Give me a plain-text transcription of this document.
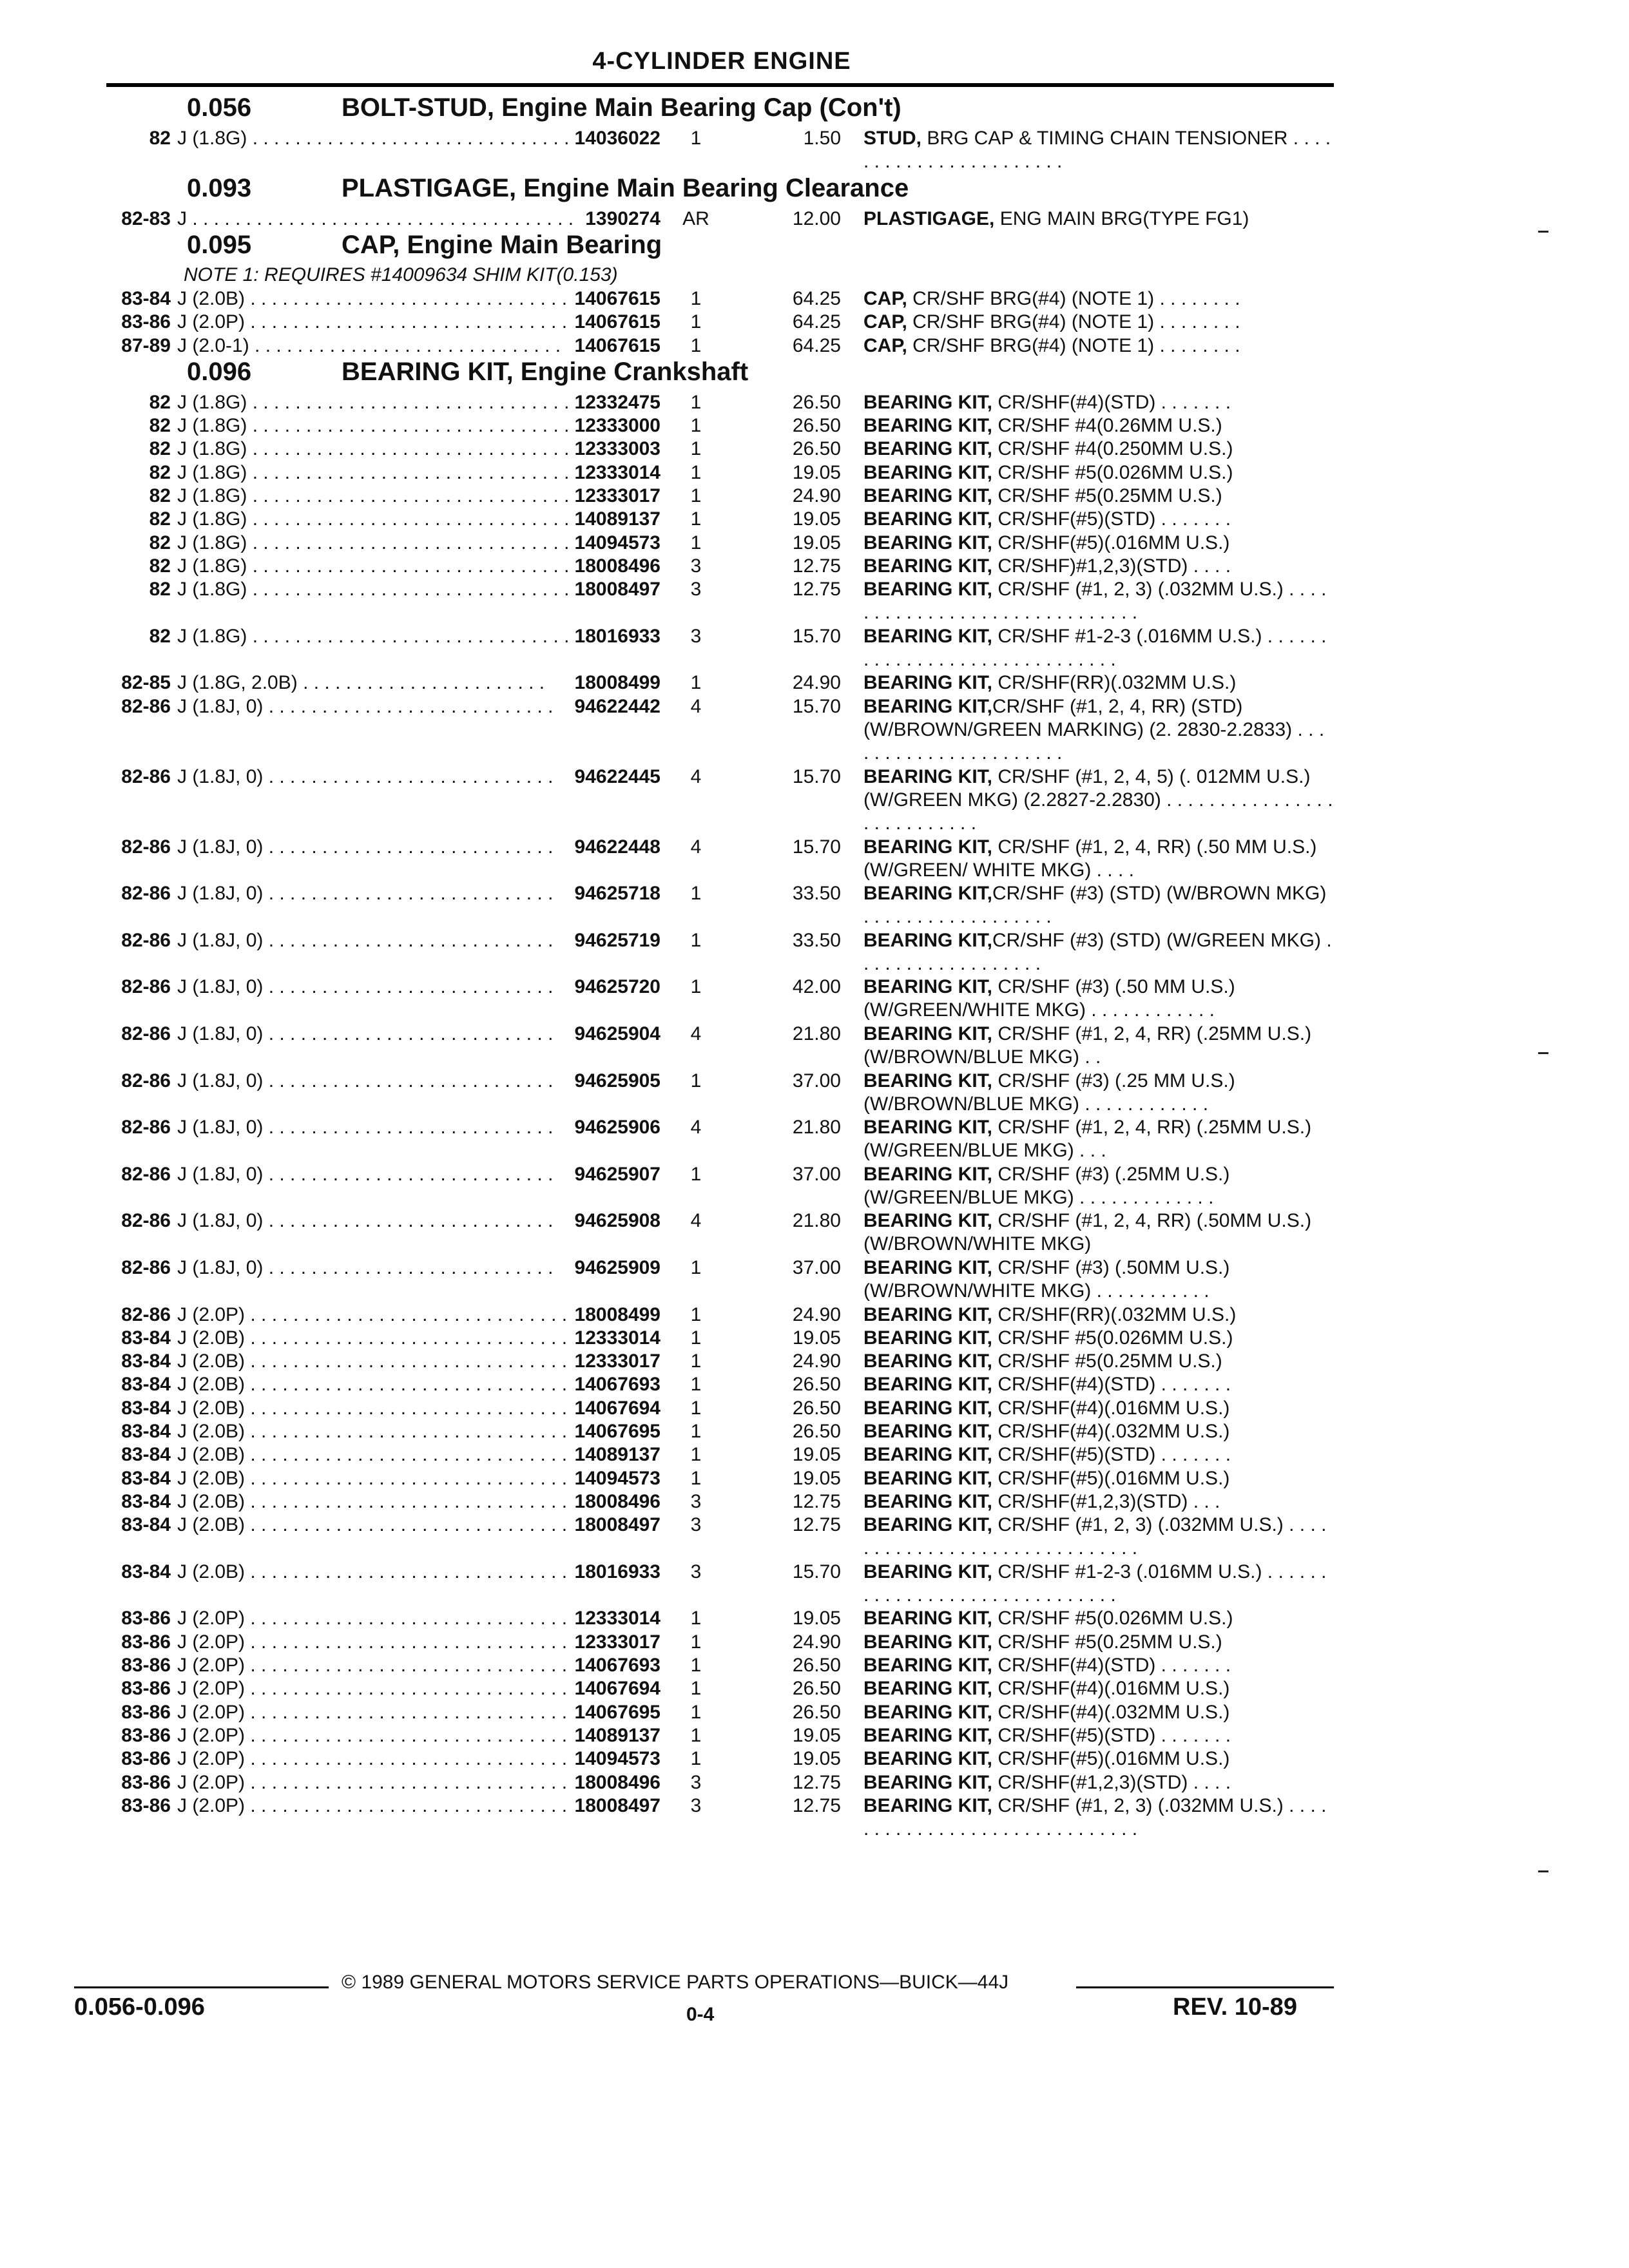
4-CYLINDER ENGINE
0.056	BOLT-STUD, Engine Main Bearing Cap (Con't)
82 J (1.8G) . . . . . . . . . . . . . . . . . . . . . . . . . . . . . . 14036022	1	1.50 STUD, BRG CAP & TIMING CHAIN TENSIONER . . . . . . . . . . . . . . . . . . . . . . .
0.093	PLASTIGAGE, Engine Main Bearing Clearance
82-83 J . . . . . . . . . . . . . . . . . . . . . . . . . . . . . . . . . . . . 1390274	AR	12.00 PLASTIGAGE, ENG MAIN BRG(TYPE FG1)
0.095	CAP, Engine Main Bearing
NOTE 1: REQUIRES #14009634 SHIM KIT(0.153)
83-84 J (2.0B) . . . . . . . . . . . . . . . . . . . . . . . . . . . . . . 14067615	1	64.25 CAP, CR/SHF BRG(#4) (NOTE 1) . . . . . . . .
83-86 J (2.0P) . . . . . . . . . . . . . . . . . . . . . . . . . . . . . . 14067615	1	64.25 CAP, CR/SHF BRG(#4) (NOTE 1) . . . . . . . .
87-89 J (2.0-1) . . . . . . . . . . . . . . . . . . . . . . . . . . . . . 14067615	1	64.25 CAP, CR/SHF BRG(#4) (NOTE 1) . . . . . . . .
0.096	BEARING KIT, Engine Crankshaft
82 J (1.8G) . . . . . . . . . . . . . . . . . . . . . . . . . . . . . . 12332475	1	26.50 BEARING KIT, CR/SHF(#4)(STD) . . . . . . .
82 J (1.8G) . . . . . . . . . . . . . . . . . . . . . . . . . . . . . . 12333000	1	26.50 BEARING KIT, CR/SHF #4(0.26MM U.S.)
82 J (1.8G) . . . . . . . . . . . . . . . . . . . . . . . . . . . . . . 12333003	1	26.50 BEARING KIT, CR/SHF #4(0.250MM U.S.)
82 J (1.8G) . . . . . . . . . . . . . . . . . . . . . . . . . . . . . . 12333014	1	19.05 BEARING KIT, CR/SHF #5(0.026MM U.S.)
82 J (1.8G) . . . . . . . . . . . . . . . . . . . . . . . . . . . . . . 12333017	1	24.90 BEARING KIT, CR/SHF #5(0.25MM U.S.)
82 J (1.8G) . . . . . . . . . . . . . . . . . . . . . . . . . . . . . . 14089137	1	19.05 BEARING KIT, CR/SHF(#5)(STD) . . . . . . .
82 J (1.8G) . . . . . . . . . . . . . . . . . . . . . . . . . . . . . . 14094573	1	19.05 BEARING KIT, CR/SHF(#5)(.016MM U.S.)
82 J (1.8G) . . . . . . . . . . . . . . . . . . . . . . . . . . . . . . 18008496	3	12.75 BEARING KIT, CR/SHF)#1,2,3)(STD) . . . .
82 J (1.8G) . . . . . . . . . . . . . . . . . . . . . . . . . . . . . . 18008497	3	12.75 BEARING KIT, CR/SHF (#1, 2, 3) (.032MM U.S.) . . . . . . . . . . . . . . . . . . . . . . . . . . . . . .
82 J (1.8G) . . . . . . . . . . . . . . . . . . . . . . . . . . . . . . 18016933	3	15.70 BEARING KIT, CR/SHF #1-2-3 (.016MM U.S.) . . . . . . . . . . . . . . . . . . . . . . . . . . . . . .
82-85 J (1.8G, 2.0B) . . . . . . . . . . . . . . . . . . . . . . .	18008499	1	24.90 BEARING KIT, CR/SHF(RR)(.032MM U.S.)
82-86 J (1.8J, 0) . . . . . . . . . . . . . . . . . . . . . . . . . . .	94622442	4	15.70 BEARING KIT,CR/SHF (#1, 2, 4, RR) (STD) (W/BROWN/GREEN MARKING) (2. 2830-2.2833) . . . . . . . . . . . . . . . . . . . . . .
82-86 J (1.8J, 0) . . . . . . . . . . . . . . . . . . . . . . . . . . .	94622445	4	15.70 BEARING KIT, CR/SHF (#1, 2, 4, 5) (. 012MM U.S.) (W/GREEN MKG) (2.2827-2.2830) . . . . . . . . . . . . . . . . . . . . . . . . . . .
82-86 J (1.8J, 0) . . . . . . . . . . . . . . . . . . . . . . . . . . .	94622448	4	15.70 BEARING KIT, CR/SHF (#1, 2, 4, RR) (.50 MM U.S.) (W/GREEN/ WHITE MKG) . . . .
82-86 J (1.8J, 0) . . . . . . . . . . . . . . . . . . . . . . . . . . .	94625718	1	33.50 BEARING KIT,CR/SHF (#3) (STD) (W/BROWN MKG) . . . . . . . . . . . . . . . . . .
82-86 J (1.8J, 0) . . . . . . . . . . . . . . . . . . . . . . . . . . .	94625719	1	33.50 BEARING KIT,CR/SHF (#3) (STD) (W/GREEN MKG) . . . . . . . . . . . . . . . . . .
82-86 J (1.8J, 0) . . . . . . . . . . . . . . . . . . . . . . . . . . .	94625720	1	42.00 BEARING KIT, CR/SHF (#3) (.50 MM U.S.) (W/GREEN/WHITE MKG) . . . . . . . . . . . .
82-86 J (1.8J, 0) . . . . . . . . . . . . . . . . . . . . . . . . . . .	94625904	4	21.80 BEARING KIT, CR/SHF (#1, 2, 4, RR) (.25MM U.S.) (W/BROWN/BLUE MKG) . .
82-86 J (1.8J, 0) . . . . . . . . . . . . . . . . . . . . . . . . . . .	94625905	1	37.00 BEARING KIT, CR/SHF (#3) (.25 MM U.S.) (W/BROWN/BLUE MKG) . . . . . . . . . . . .
82-86 J (1.8J, 0) . . . . . . . . . . . . . . . . . . . . . . . . . . .	94625906	4	21.80 BEARING KIT, CR/SHF (#1, 2, 4, RR) (.25MM U.S.) (W/GREEN/BLUE MKG) . . .
82-86 J (1.8J, 0) . . . . . . . . . . . . . . . . . . . . . . . . . . .	94625907	1	37.00 BEARING KIT, CR/SHF (#3) (.25MM U.S.) (W/GREEN/BLUE MKG) . . . . . . . . . . . . .
82-86 J (1.8J, 0) . . . . . . . . . . . . . . . . . . . . . . . . . . .	94625908	4	21.80 BEARING KIT, CR/SHF (#1, 2, 4, RR) (.50MM U.S.) (W/BROWN/WHITE MKG)
82-86 J (1.8J, 0) . . . . . . . . . . . . . . . . . . . . . . . . . . .	94625909	1	37.00 BEARING KIT, CR/SHF (#3) (.50MM U.S.) (W/BROWN/WHITE MKG) . . . . . . . . . . .
82-86 J (2.0P) . . . . . . . . . . . . . . . . . . . . . . . . . . . . . . 18008499	1	24.90 BEARING KIT, CR/SHF(RR)(.032MM U.S.)
83-84 J (2.0B) . . . . . . . . . . . . . . . . . . . . . . . . . . . . . . 12333014	1	19.05 BEARING KIT, CR/SHF #5(0.026MM U.S.)
83-84 J (2.0B) . . . . . . . . . . . . . . . . . . . . . . . . . . . . . . 12333017	1	24.90 BEARING KIT, CR/SHF #5(0.25MM U.S.)
83-84 J (2.0B) . . . . . . . . . . . . . . . . . . . . . . . . . . . . . . 14067693	1	26.50 BEARING KIT, CR/SHF(#4)(STD) . . . . . . .
83-84 J (2.0B) . . . . . . . . . . . . . . . . . . . . . . . . . . . . . . 14067694	1	26.50 BEARING KIT, CR/SHF(#4)(.016MM U.S.)
83-84 J (2.0B) . . . . . . . . . . . . . . . . . . . . . . . . . . . . . . 14067695	1	26.50 BEARING KIT, CR/SHF(#4)(.032MM U.S.)
83-84 J (2.0B) . . . . . . . . . . . . . . . . . . . . . . . . . . . . . . 14089137	1	19.05 BEARING KIT, CR/SHF(#5)(STD) . . . . . . .
83-84 J (2.0B) . . . . . . . . . . . . . . . . . . . . . . . . . . . . . . 14094573	1	19.05 BEARING KIT, CR/SHF(#5)(.016MM U.S.)
83-84 J (2.0B) . . . . . . . . . . . . . . . . . . . . . . . . . . . . . . 18008496	3	12.75 BEARING KIT, CR/SHF(#1,2,3)(STD) . . .
83-84 J (2.0B) . . . . . . . . . . . . . . . . . . . . . . . . . . . . . . 18008497	3	12.75 BEARING KIT, CR/SHF (#1, 2, 3) (.032MM U.S.) . . . . . . . . . . . . . . . . . . . . . . . . . . . . . .
83-84 J (2.0B) . . . . . . . . . . . . . . . . . . . . . . . . . . . . . . 18016933	3	15.70 BEARING KIT, CR/SHF #1-2-3 (.016MM U.S.) . . . . . . . . . . . . . . . . . . . . . . . . . . . . . .
83-86 J (2.0P) . . . . . . . . . . . . . . . . . . . . . . . . . . . . . . 12333014	1	19.05 BEARING KIT, CR/SHF #5(0.026MM U.S.)
83-86 J (2.0P) . . . . . . . . . . . . . . . . . . . . . . . . . . . . . . 12333017	1	24.90 BEARING KIT, CR/SHF #5(0.25MM U.S.)
83-86 J (2.0P) . . . . . . . . . . . . . . . . . . . . . . . . . . . . . . 14067693	1	26.50 BEARING KIT, CR/SHF(#4)(STD) . . . . . . .
83-86 J (2.0P) . . . . . . . . . . . . . . . . . . . . . . . . . . . . . . 14067694	1	26.50 BEARING KIT, CR/SHF(#4)(.016MM U.S.)
83-86 J (2.0P) . . . . . . . . . . . . . . . . . . . . . . . . . . . . . . 14067695	1	26.50 BEARING KIT, CR/SHF(#4)(.032MM U.S.)
83-86 J (2.0P) . . . . . . . . . . . . . . . . . . . . . . . . . . . . . . 14089137	1	19.05 BEARING KIT, CR/SHF(#5)(STD) . . . . . . .
83-86 J (2.0P) . . . . . . . . . . . . . . . . . . . . . . . . . . . . . . 14094573	1	19.05 BEARING KIT, CR/SHF(#5)(.016MM U.S.)
83-86 J (2.0P) . . . . . . . . . . . . . . . . . . . . . . . . . . . . . . 18008496	3	12.75 BEARING KIT, CR/SHF(#1,2,3)(STD) . . . .
83-86 J (2.0P) . . . . . . . . . . . . . . . . . . . . . . . . . . . . . . 18008497	3	12.75 BEARING KIT, CR/SHF (#1, 2, 3) (.032MM U.S.) . . . . . . . . . . . . . . . . . . . . . . . . . . . . . .
© 1989 GENERAL MOTORS SERVICE PARTS OPERATIONS—BUICK—44J
0.056-0.096	0-4	REV. 10-89
